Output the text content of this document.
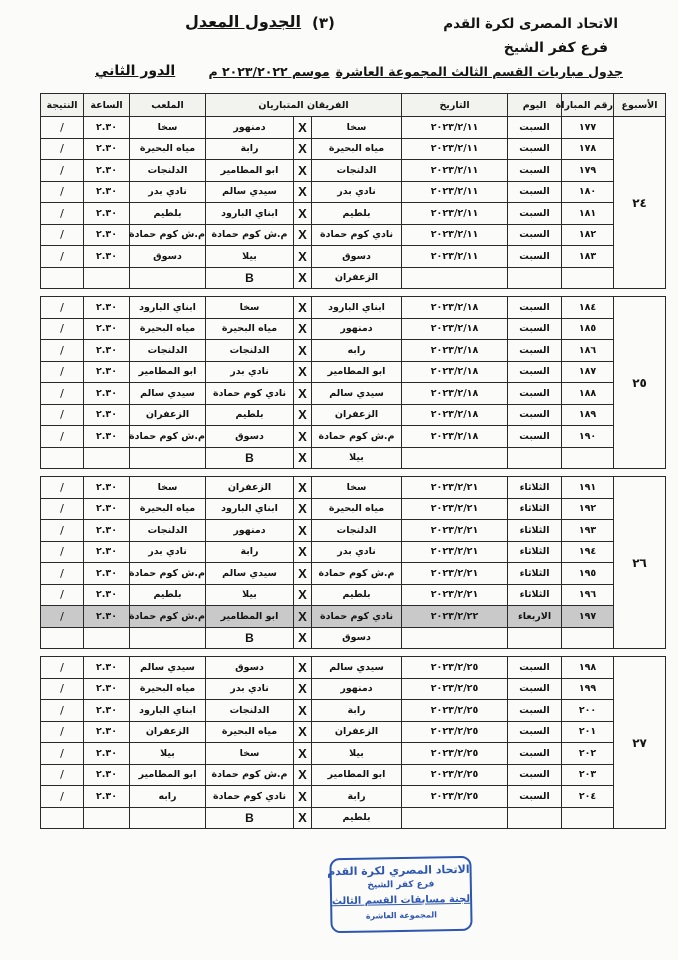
الاتحاد المصرى لكرة القدم
(٣)
الجدول المعدل
فرع كفر الشيخ
جدول مباريات القسم الثالث المجموعة العاشرة
موسم ٢٠٢٣/٢٠٢٢ م
الدور الثاني
الأسبوع	رقم المباراة	اليوم	التاريخ	الفريقان المتباريان			الملعب	الساعة	النتيجة
٢٤	١٧٧	السبت	٢٠٢٣/٢/١١	سخا	X	دمنهور	سخا	٢.٣٠	/
	١٧٨	السبت	٢٠٢٣/٢/١١	مياه البحيرة	X	رابة	مياه البحيرة	٢.٣٠	/
	١٧٩	السبت	٢٠٢٣/٢/١١	الدلنجات	X	ابو المطامير	الدلنجات	٢.٣٠	/
	١٨٠	السبت	٢٠٢٣/٢/١١	نادي بدر	X	سيدي سالم	نادي بدر	٢.٣٠	/
	١٨١	السبت	٢٠٢٣/٢/١١	بلطيم	X	ابناي البارود	بلطيم	٢.٣٠	/
	١٨٢	السبت	٢٠٢٣/٢/١١	نادي كوم حمادة	X	م.ش كوم حمادة	م.ش كوم حمادة	٢.٣٠	/
	١٨٣	السبت	٢٠٢٣/٢/١١	دسوق	X	بيلا	دسوق	٢.٣٠	/
				الزعفران	X	B			

٢٥	١٨٤	السبت	٢٠٢٣/٢/١٨	ابناي البارود	X	سخا	ابناي البارود	٢.٣٠	/
	١٨٥	السبت	٢٠٢٣/٢/١٨	دمنهور	X	مياه البحيرة	مياه البحيرة	٢.٣٠	/
	١٨٦	السبت	٢٠٢٣/٢/١٨	رابه	X	الدلنجات	الدلنجات	٢.٣٠	/
	١٨٧	السبت	٢٠٢٣/٢/١٨	ابو المطامير	X	نادي بدر	ابو المطامير	٢.٣٠	/
	١٨٨	السبت	٢٠٢٣/٢/١٨	سيدي سالم	X	نادي كوم حمادة	سيدي سالم	٢.٣٠	/
	١٨٩	السبت	٢٠٢٣/٢/١٨	الزعفران	X	بلطيم	الزعفران	٢.٣٠	/
	١٩٠	السبت	٢٠٢٣/٢/١٨	م.ش كوم حمادة	X	دسوق	م.ش كوم حمادة	٢.٣٠	/
				بيلا	X	B			

٢٦	١٩١	الثلاثاء	٢٠٢٣/٢/٢١	سخا	X	الزعفران	سخا	٢.٣٠	/
	١٩٢	الثلاثاء	٢٠٢٣/٢/٢١	مياه البحيرة	X	ابناي البارود	مياه البحيرة	٢.٣٠	/
	١٩٣	الثلاثاء	٢٠٢٣/٢/٢١	الدلنجات	X	دمنهور	الدلنجات	٢.٣٠	/
	١٩٤	الثلاثاء	٢٠٢٣/٢/٢١	نادي بدر	X	رابة	نادي بدر	٢.٣٠	/
	١٩٥	الثلاثاء	٢٠٢٣/٢/٢١	م.ش كوم حمادة	X	سيدي سالم	م.ش كوم حمادة	٢.٣٠	/
	١٩٦	الثلاثاء	٢٠٢٣/٢/٢١	بلطيم	X	بيلا	بلطيم	٢.٣٠	/
	١٩٧	الاربعاء	٢٠٢٣/٢/٢٢	نادي كوم حمادة	X	ابو المطامير	م.ش كوم حمادة	٢.٣٠	/
				دسوق	X	B			

٢٧	١٩٨	السبت	٢٠٢٣/٢/٢٥	سيدي سالم	X	دسوق	سيدي سالم	٢.٣٠	/
	١٩٩	السبت	٢٠٢٣/٢/٢٥	دمنهور	X	نادي بدر	مياه البحيرة	٢.٣٠	/
	٢٠٠	السبت	٢٠٢٣/٢/٢٥	رابة	X	الدلنجات	ابناي البارود	٢.٣٠	/
	٢٠١	السبت	٢٠٢٣/٢/٢٥	الزعفران	X	مياه البحيرة	الزعفران	٢.٣٠	/
	٢٠٢	السبت	٢٠٢٣/٢/٢٥	بيلا	X	سخا	بيلا	٢.٣٠	/
	٢٠٣	السبت	٢٠٢٣/٢/٢٥	ابو المطامير	X	م.ش كوم حمادة	ابو المطامير	٢.٣٠	/
	٢٠٤	السبت	٢٠٢٣/٢/٢٥	رابة	X	نادي كوم حمادة	رابه	٢.٣٠	/
				بلطيم	X	B			
الاتحاد المصري لكرة القدم
فرع كفر الشيخ
لجنة مسابقات القسم الثالث
المجموعة العاشرة
